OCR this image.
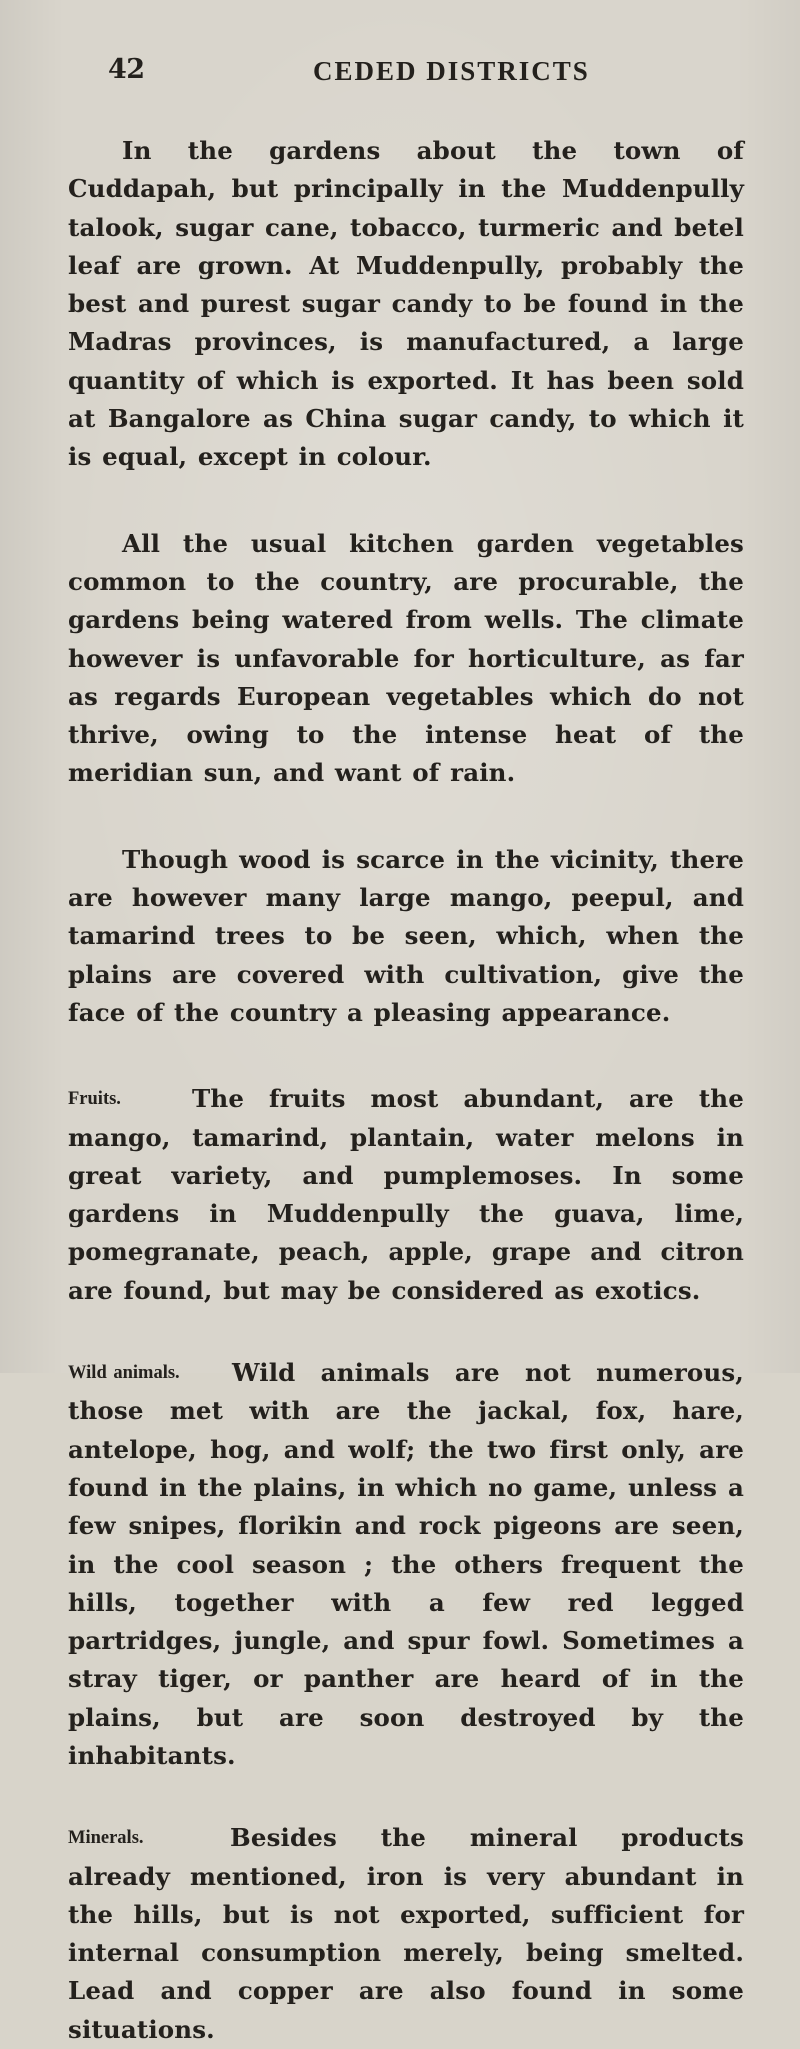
42	CEDED DISTRICTS

In the gardens about the town of Cuddapah, but principally in the Muddenpully talook, sugar cane, tobacco, turmeric and betel leaf are grown. At Muddenpully, probably the best and purest sugar candy to be found in the Madras provinces, is manufactured, a large quantity of which is exported. It has been sold at Bangalore as China sugar candy, to which it is equal, except in colour.

All the usual kitchen garden vegetables common to the country, are procurable, the gardens being watered from wells. The climate however is unfavorable for horticulture, as far as regards European vegetables which do not thrive, owing to the intense heat of the meridian sun, and want of rain.

Though wood is scarce in the vicinity, there are however many large mango, peepul, and tamarind trees to be seen, which, when the plains are covered with cultivation, give the face of the country a pleasing appearance.

Fruits.	The fruits most abundant, are the mango, tamarind, plantain, water melons in great variety, and pumplemoses. In some gardens in Muddenpully the guava, lime, pomegranate, peach, apple, grape and citron are found, but may be considered as exotics.
Wild animals.	Wild animals are not numerous, those met with are the jackal, fox, hare, antelope, hog, and wolf; the two first only, are found in the plains, in which no game, unless a few snipes, florikin and rock pigeons are seen, in the cool season ; the others frequent the hills, together with a few red legged partridges, jungle, and spur fowl. Sometimes a stray tiger, or panther are heard of in the plains, but are soon destroyed by the inhabitants.
Minerals.	Besides the mineral products already mentioned, iron is very abundant in the hills, but is not exported, sufficient for internal consumption merely, being smelted. Lead and copper are also found in some situations.
